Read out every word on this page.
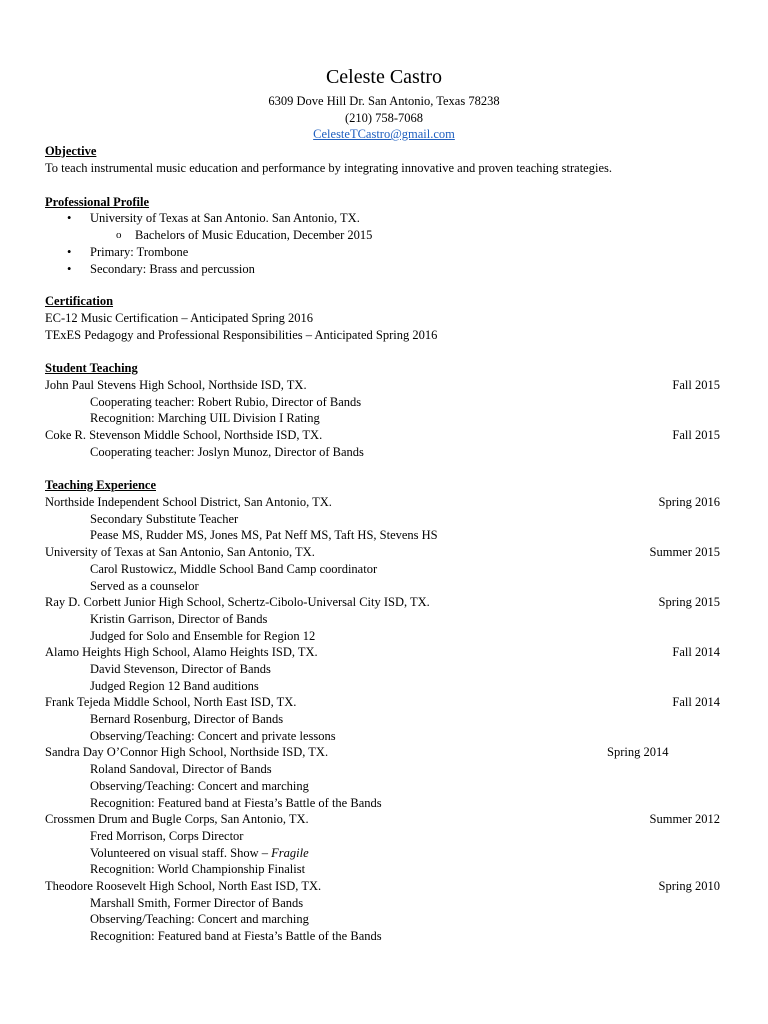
Celeste Castro
6309 Dove Hill Dr. San Antonio, Texas 78238
(210) 758-7068
CelesteTCastro@gmail.com
Objective
To teach instrumental music education and performance by integrating innovative and proven teaching strategies.
Professional Profile
• University of Texas at San Antonio. San Antonio, TX.
o Bachelors of Music Education, December 2015
• Primary: Trombone
• Secondary: Brass and percussion
Certification
EC-12 Music Certification – Anticipated Spring 2016
TExES Pedagogy and Professional Responsibilities – Anticipated Spring 2016
Student Teaching
John Paul Stevens High School, Northside ISD, TX.	Fall 2015
Cooperating teacher: Robert Rubio, Director of Bands
Recognition: Marching UIL Division I Rating
Coke R. Stevenson Middle School, Northside ISD, TX.	Fall 2015
Cooperating teacher: Joslyn Munoz, Director of Bands
Teaching Experience
Northside Independent School District, San Antonio, TX.	Spring 2016
Secondary Substitute Teacher
Pease MS, Rudder MS, Jones MS, Pat Neff MS, Taft HS, Stevens HS
University of Texas at San Antonio, San Antonio, TX.	Summer 2015
Carol Rustowicz, Middle School Band Camp coordinator
Served as a counselor
Ray D. Corbett Junior High School, Schertz-Cibolo-Universal City ISD, TX.	Spring 2015
Kristin Garrison, Director of Bands
Judged for Solo and Ensemble for Region 12
Alamo Heights High School, Alamo Heights ISD, TX.	Fall 2014
David Stevenson, Director of Bands
Judged Region 12 Band auditions
Frank Tejeda Middle School, North East ISD, TX.	Fall 2014
Bernard Rosenburg, Director of Bands
Observing/Teaching: Concert and private lessons
Sandra Day O’Connor High School, Northside ISD, TX.	Spring 2014
Roland Sandoval, Director of Bands
Observing/Teaching: Concert and marching
Recognition: Featured band at Fiesta’s Battle of the Bands
Crossmen Drum and Bugle Corps, San Antonio, TX.	Summer 2012
Fred Morrison, Corps Director
Volunteered on visual staff. Show – Fragile
Recognition: World Championship Finalist
Theodore Roosevelt High School, North East ISD, TX.	Spring 2010
Marshall Smith, Former Director of Bands
Observing/Teaching: Concert and marching
Recognition: Featured band at Fiesta’s Battle of the Bands
